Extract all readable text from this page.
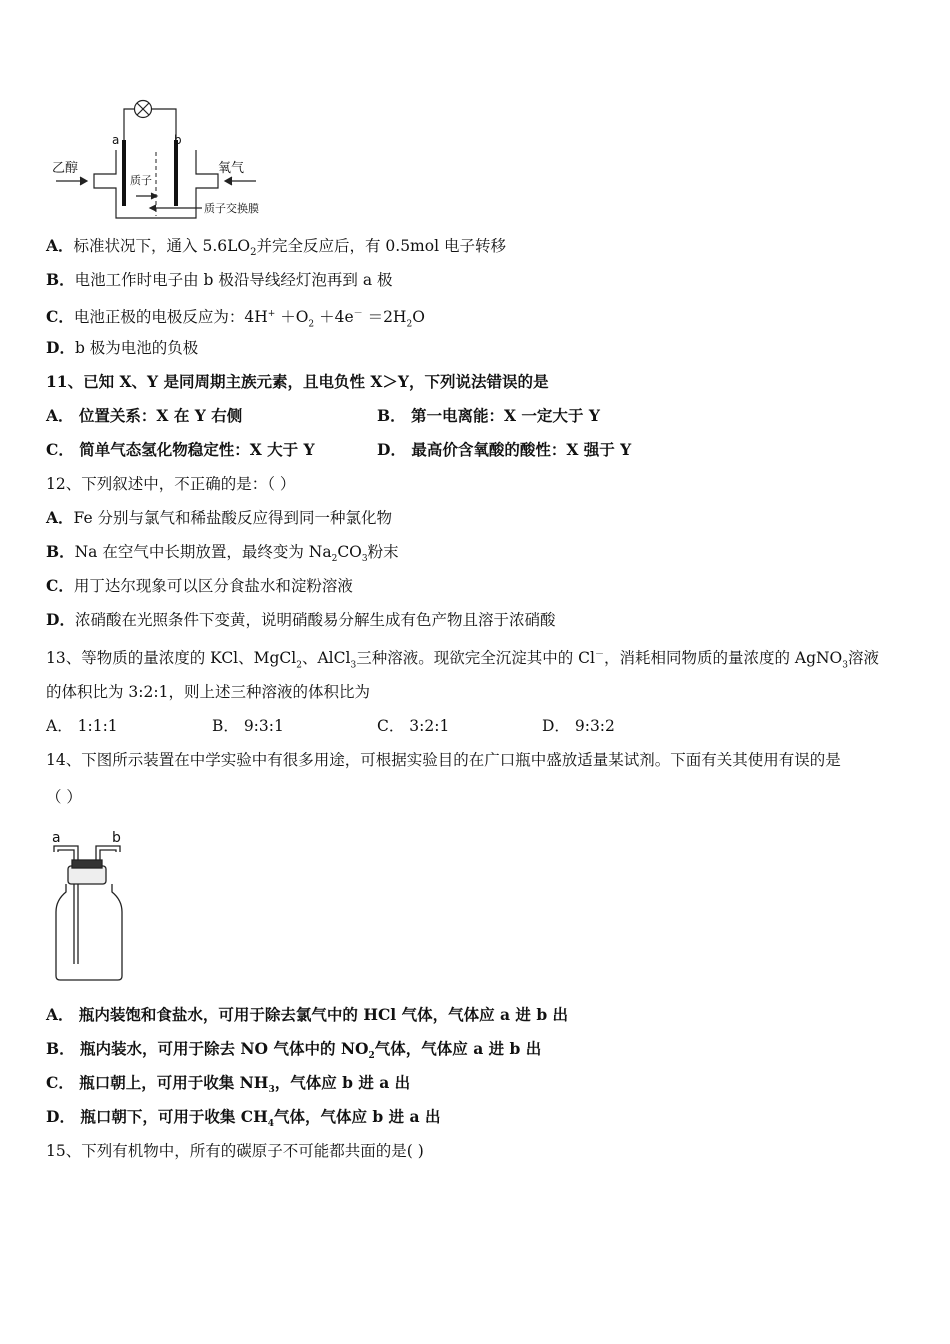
a	b
乙醇	氧气
质子
质子交换膜
A．标准状况下，通入 $5.6LO_2$并完全反应后，有 0.5mol 电子转移
B．电池工作时电子由 b 极沿导线经灯泡再到 a 极
C．电池正极的电极反应为：$4H^+ +O_2 +4e^- =2H_2O$
D．b 极为电池的负极
11、已知 X、Y 是同周期主族元素，且电负性 X＞Y，下列说法错误的是
A． 位置关系：X 在 Y 右侧	B． 第一电离能：X 一定大于 Y
C． 简单气态氢化物稳定性：X 大于 Y	D． 最高价含氧酸的酸性：X 强于 Y
12、下列叙述中，不正确的是：（ ）
A．Fe 分别与氯气和稀盐酸反应得到同一种氯化物
B．Na 在空气中长期放置，最终变为 $Na_2CO_3$粉末
C．用丁达尔现象可以区分食盐水和淀粉溶液
D．浓硝酸在光照条件下变黄，说明硝酸易分解生成有色产物且溶于浓硝酸
13、等物质的量浓度的 KCl、MgCl$_2$、AlCl$_3$三种溶液。现欲完全沉淀其中的 Cl－，消耗相同物质的量浓度的 AgNO$_3$溶液
的体积比为 3:2:1，则上述三种溶液的体积比为
A． 1:1:1	B． 9:3:1	C． 3:2:1	D． 9:3:2
14、下图所示装置在中学实验中有很多用途，可根据实验目的在广口瓶中盛放适量某试剂。下面有关其使用有误的是
（ ）
a	b
A． 瓶内装饱和食盐水，可用于除去氯气中的 HCl 气体，气体应 a 进 b 出
B． 瓶内装水，可用于除去 NO 气体中的 $NO_2$气体，气体应 a 进 b 出
C． 瓶口朝上，可用于收集 $NH_3$，气体应 b 进 a 出
D． 瓶口朝下，可用于收集 $CH_4$气体，气体应 b 进 a 出
15、下列有机物中，所有的碳原子不可能都共面的是( )
